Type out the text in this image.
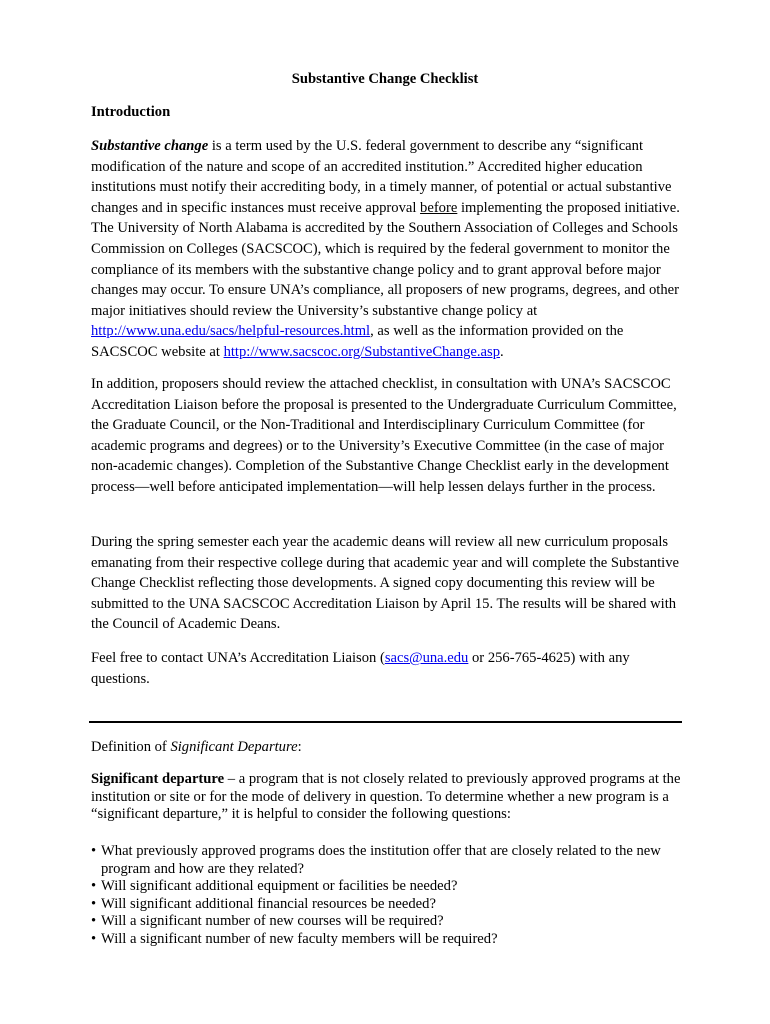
Substantive Change Checklist
Introduction

Substantive change is a term used by the U.S. federal government to describe any “significant modification of the nature and scope of an accredited institution.” Accredited higher education institutions must notify their accrediting body, in a timely manner, of potential or actual substantive changes and in specific instances must receive approval before implementing the proposed initiative. The University of North Alabama is accredited by the Southern Association of Colleges and Schools Commission on Colleges (SACSCOC), which is required by the federal government to monitor the compliance of its members with the substantive change policy and to grant approval before major changes may occur. To ensure UNA’s compliance, all proposers of new programs, degrees, and other major initiatives should review the University’s substantive change policy at http://www.una.edu/sacs/helpful-resources.html, as well as the information provided on the SACSCOC website at http://www.sacscoc.org/SubstantiveChange.asp.

In addition, proposers should review the attached checklist, in consultation with UNA’s SACSCOC Accreditation Liaison before the proposal is presented to the Undergraduate Curriculum Committee, the Graduate Council, or the Non-Traditional and Interdisciplinary Curriculum Committee (for academic programs and degrees) or to the University’s Executive Committee (in the case of major non-academic changes). Completion of the Substantive Change Checklist early in the development process—well before anticipated implementation—will help lessen delays further in the process.

During the spring semester each year the academic deans will review all new curriculum proposals emanating from their respective college during that academic year and will complete the Substantive Change Checklist reflecting those developments. A signed copy documenting this review will be submitted to the UNA SACSCOC Accreditation Liaison by April 15. The results will be shared with the Council of Academic Deans.

Feel free to contact UNA’s Accreditation Liaison (sacs@una.edu or 256-765-4625) with any questions.

Definition of Significant Departure:

Significant departure – a program that is not closely related to previously approved programs at the institution or site or for the mode of delivery in question. To determine whether a new program is a “significant departure,” it is helpful to consider the following questions:

• What previously approved programs does the institution offer that are closely related to the new program and how are they related?
• Will significant additional equipment or facilities be needed?
• Will significant additional financial resources be needed?
• Will a significant number of new courses will be required?
• Will a significant number of new faculty members will be required?
